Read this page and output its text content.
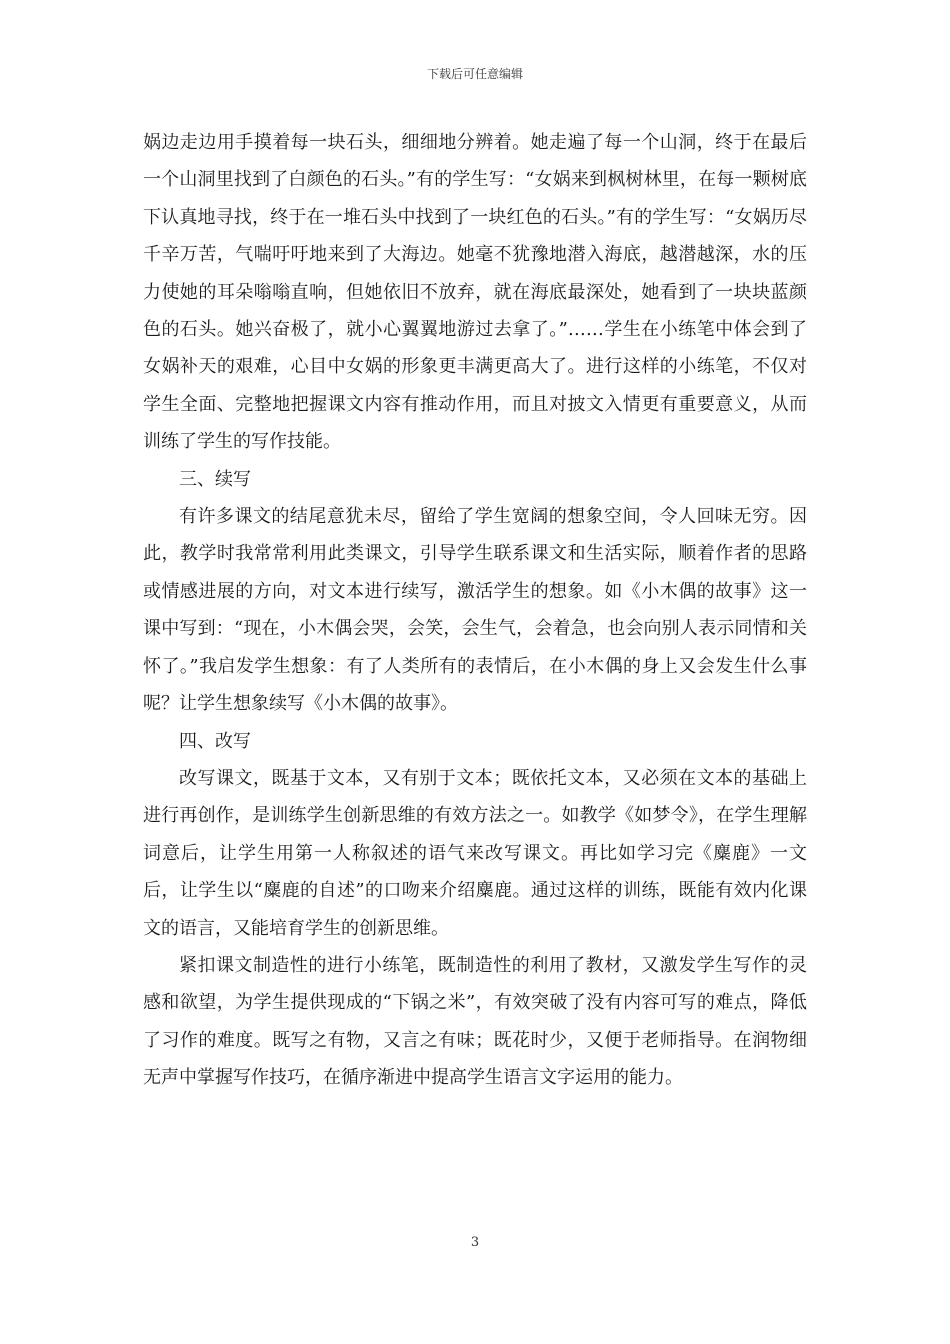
下载后可任意编辑

娲边走边用手摸着每一块石头，细细地分辨着。她走遍了每一个山洞，终于在最后一个山洞里找到了白颜色的石头。”有的学生写：“女娲来到枫树林里，在每一颗树底下认真地寻找，终于在一堆石头中找到了一块红色的石头。”有的学生写：“女娲历尽千辛万苦，气喘吁吁地来到了大海边。她毫不犹豫地潜入海底，越潜越深，水的压力使她的耳朵嗡嗡直响，但她依旧不放弃，就在海底最深处，她看到了一块块蓝颜色的石头。她兴奋极了，就小心翼翼地游过去拿了。”……学生在小练笔中体会到了女娲补天的艰难，心目中女娲的形象更丰满更高大了。进行这样的小练笔，不仅对学生全面、完整地把握课文内容有推动作用，而且对披文入情更有重要意义，从而训练了学生的写作技能。

三、续写

有许多课文的结尾意犹未尽，留给了学生宽阔的想象空间，令人回味无穷。因此，教学时我常常利用此类课文，引导学生联系课文和生活实际，顺着作者的思路或情感进展的方向，对文本进行续写，激活学生的想象。如《小木偶的故事》这一课中写到：“现在，小木偶会哭，会笑，会生气，会着急，也会向别人表示同情和关怀了。”我启发学生想象：有了人类所有的表情后，在小木偶的身上又会发生什么事呢？让学生想象续写《小木偶的故事》。

四、改写

改写课文，既基于文本，又有别于文本；既依托文本，又必须在文本的基础上进行再创作，是训练学生创新思维的有效方法之一。如教学《如梦令》，在学生理解词意后，让学生用第一人称叙述的语气来改写课文。再比如学习完《麋鹿》一文后，让学生以“麋鹿的自述”的口吻来介绍麋鹿。通过这样的训练，既能有效内化课文的语言，又能培育学生的创新思维。

紧扣课文制造性的进行小练笔，既制造性的利用了教材，又激发学生写作的灵感和欲望，为学生提供现成的“下锅之米”，有效突破了没有内容可写的难点，降低了习作的难度。既写之有物，又言之有味；既花时少，又便于老师指导。在润物细无声中掌握写作技巧，在循序渐进中提高学生语言文字运用的能力。

3
